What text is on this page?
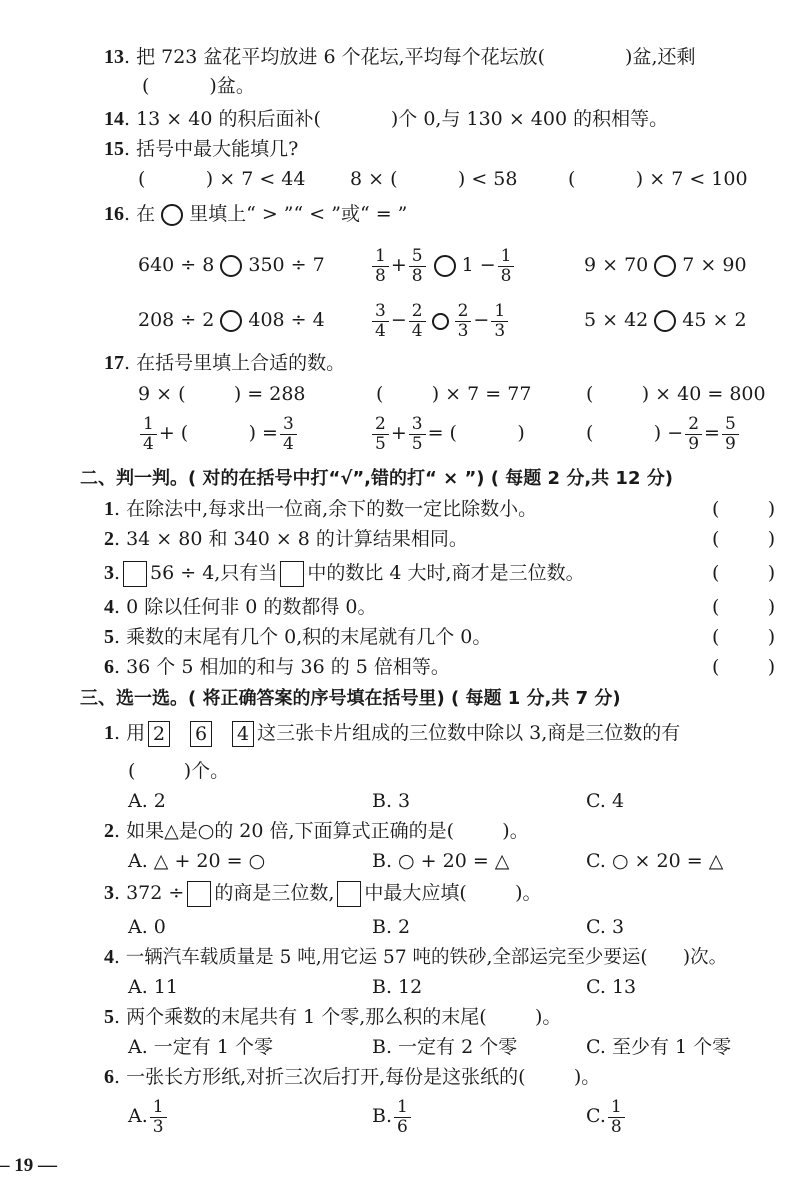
13. 把 723 盆花平均放进 6 个花坛,平均每个花坛放(	)盆,还剩
(	)盆。
14. 13 × 40 的积后面补(	)个 0,与 130 × 400 的积相等。
15. 括号中最大能填几?
(          ) × 7 < 44 8 × (          ) < 58	(          ) × 7 < 100
16. 在 里填上“ > ”“ < ”或“ = ”
640 ÷ 8 350 ÷ 7	$\frac{1}{8} + \frac{5}{8} 1 - \frac{1}{8}$	9 × 70 7 × 90
208 ÷ 2 408 ÷ 4	$\frac{3}{4} - \frac{2}{4} \frac{2}{3} - \frac{1}{3}$	5 × 42 45 × 2
17. 在括号里填上合适的数。
9 × (        ) = 288	(        ) × 7 = 77	(        ) × 40 = 800
$\frac{1}{4}$ + (          ) = $\frac{3}{4}$	$\frac{2}{5} + \frac{3}{5}$ = (          )	(          ) − $\frac{2}{9} = \frac{5}{9}$
二、判一判。( 对的在括号中打“√”,错的打“ × ”) ( 每题 2 分,共 12 分)
1. 在除法中,每求出一位商,余下的数一定比除数小。	(        )
2. 34 × 80 和 340 × 8 的计算结果相同。	(        )
3. 56 ÷ 4,只有当 中的数比 4 大时,商才是三位数。	(        )
4. 0 除以任何非 0 的数都得 0。	(        )
5. 乘数的末尾有几个 0,积的末尾就有几个 0。	(        )
6. 36 个 5 相加的和与 36 的 5 倍相等。	(        )
三、选一选。( 将正确答案的序号填在括号里) ( 每题 1 分,共 7 分)
1. 用 2 6 4 这三张卡片组成的三位数中除以 3,商是三位数的有
(        )个。
A. 2	B. 3	C. 4
2. 如果△是○的 20 倍,下面算式正确的是(        )。
A. △ + 20 = ○	B. ○ + 20 = △	C. ○ × 20 = △
3. 372 ÷ 的商是三位数, 中最大应填(        )。
A. 0	B. 2	C. 3
4. 一辆汽车载质量是 5 吨,用它运 57 吨的铁砂,全部运完至少要运(      )次。
A. 11	B. 12	C. 13
5. 两个乘数的末尾共有 1 个零,那么积的末尾(        )。
A. 一定有 1 个零	B. 一定有 2 个零	C. 至少有 1 个零
6. 一张长方形纸,对折三次后打开,每份是这张纸的(        )。
A. $\frac{1}{3}$	B. $\frac{1}{6}$	C. $\frac{1}{8}$
– 19 —
